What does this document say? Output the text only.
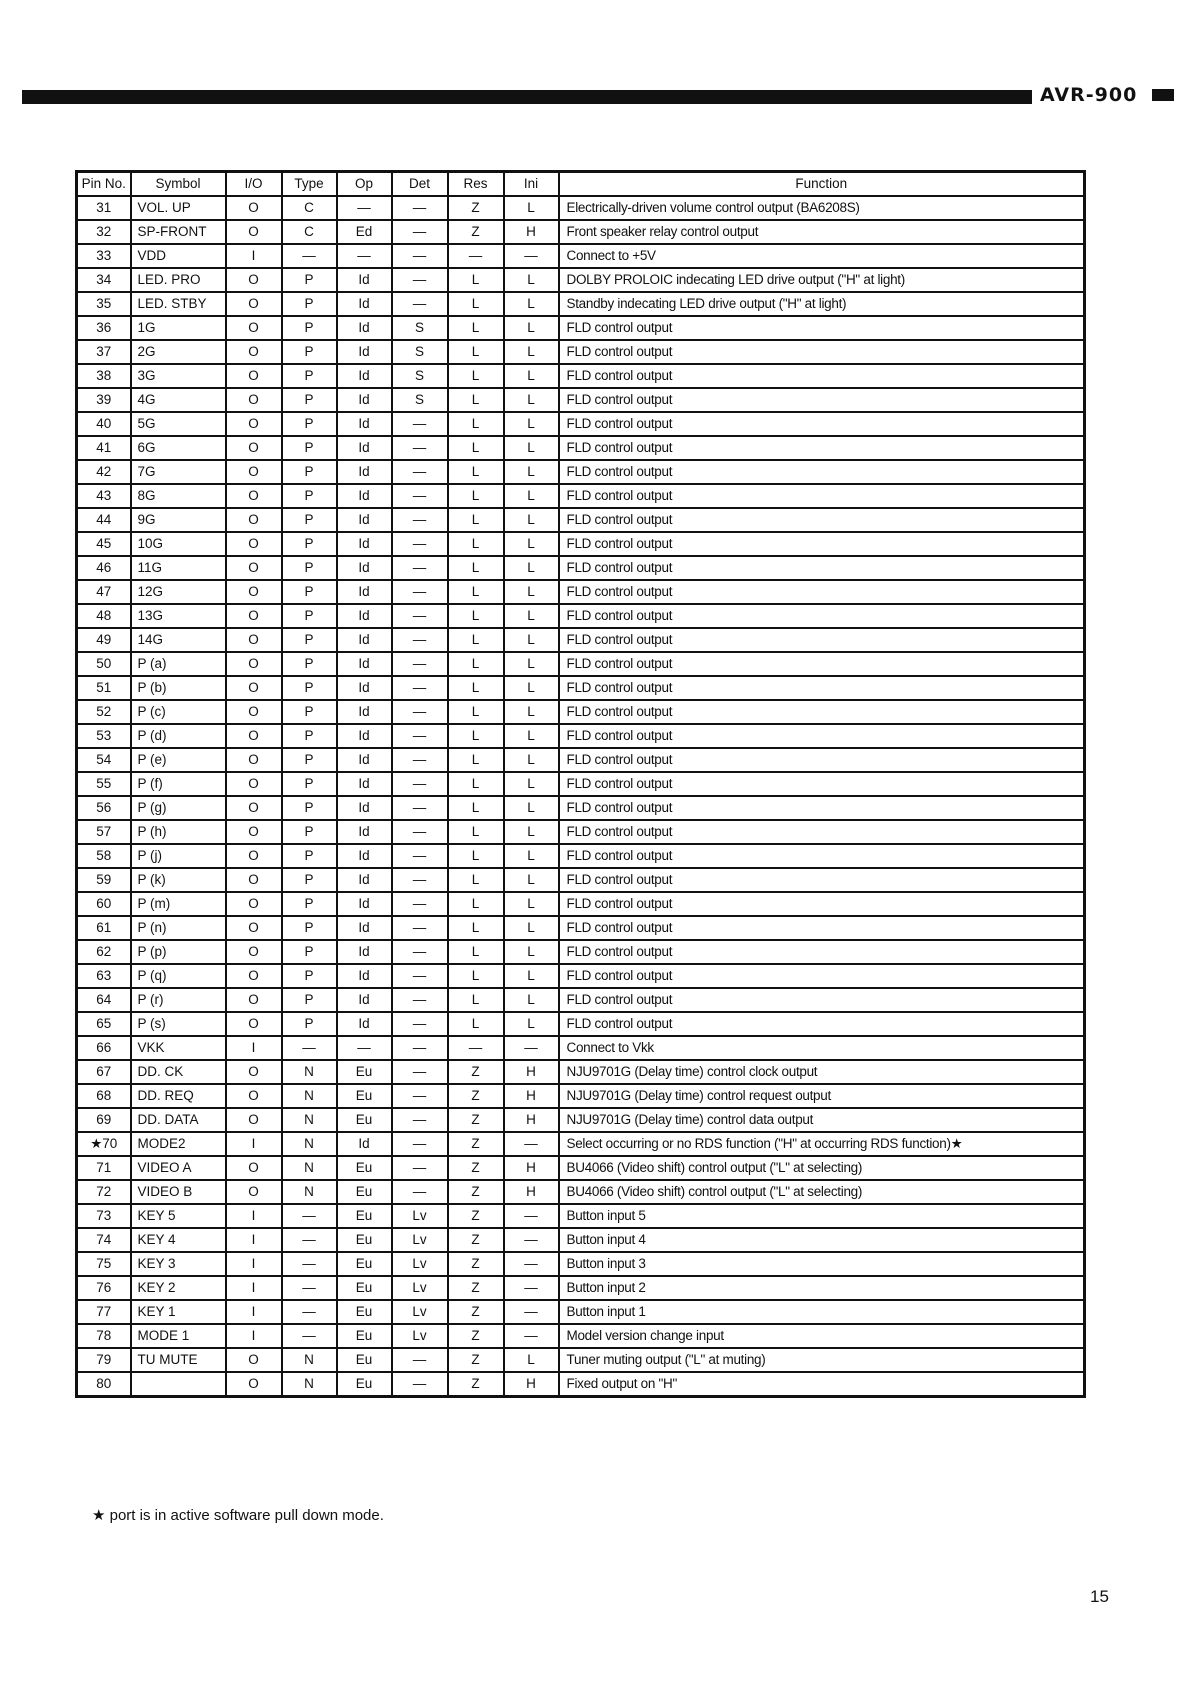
AVR-900
Pin No.	Symbol	I/O	Type	Op	Det	Res	Ini	Function
31	VOL. UP	O	C	—	—	Z	L	Electrically-driven volume control output (BA6208S)
32	SP-FRONT	O	C	Ed	—	Z	H	Front speaker relay control output
33	VDD	I	—	—	—	—	—	Connect to +5V
34	LED. PRO	O	P	Id	—	L	L	DOLBY PROLOIC indecating LED drive output ("H" at light)
35	LED. STBY	O	P	Id	—	L	L	Standby indecating LED drive output ("H" at light)
36	1G	O	P	Id	S	L	L	FLD control output
37	2G	O	P	Id	S	L	L	FLD control output
38	3G	O	P	Id	S	L	L	FLD control output
39	4G	O	P	Id	S	L	L	FLD control output
40	5G	O	P	Id	—	L	L	FLD control output
41	6G	O	P	Id	—	L	L	FLD control output
42	7G	O	P	Id	—	L	L	FLD control output
43	8G	O	P	Id	—	L	L	FLD control output
44	9G	O	P	Id	—	L	L	FLD control output
45	10G	O	P	Id	—	L	L	FLD control output
46	11G	O	P	Id	—	L	L	FLD control output
47	12G	O	P	Id	—	L	L	FLD control output
48	13G	O	P	Id	—	L	L	FLD control output
49	14G	O	P	Id	—	L	L	FLD control output
50	P (a)	O	P	Id	—	L	L	FLD control output
51	P (b)	O	P	Id	—	L	L	FLD control output
52	P (c)	O	P	Id	—	L	L	FLD control output
53	P (d)	O	P	Id	—	L	L	FLD control output
54	P (e)	O	P	Id	—	L	L	FLD control output
55	P (f)	O	P	Id	—	L	L	FLD control output
56	P (g)	O	P	Id	—	L	L	FLD control output
57	P (h)	O	P	Id	—	L	L	FLD control output
58	P (j)	O	P	Id	—	L	L	FLD control output
59	P (k)	O	P	Id	—	L	L	FLD control output
60	P (m)	O	P	Id	—	L	L	FLD control output
61	P (n)	O	P	Id	—	L	L	FLD control output
62	P (p)	O	P	Id	—	L	L	FLD control output
63	P (q)	O	P	Id	—	L	L	FLD control output
64	P (r)	O	P	Id	—	L	L	FLD control output
65	P (s)	O	P	Id	—	L	L	FLD control output
66	VKK	I	—	—	—	—	—	Connect to Vkk
67	DD. CK	O	N	Eu	—	Z	H	NJU9701G (Delay time) control clock output
68	DD. REQ	O	N	Eu	—	Z	H	NJU9701G (Delay time) control request output
69	DD. DATA	O	N	Eu	—	Z	H	NJU9701G (Delay time) control data output
★70	MODE2	I	N	Id	—	Z	—	Select occurring or no RDS function ("H" at occurring RDS function)★
71	VIDEO A	O	N	Eu	—	Z	H	BU4066 (Video shift) control output ("L" at selecting)
72	VIDEO B	O	N	Eu	—	Z	H	BU4066 (Video shift) control output ("L" at selecting)
73	KEY 5	I	—	Eu	Lv	Z	—	Button input 5
74	KEY 4	I	—	Eu	Lv	Z	—	Button input 4
75	KEY 3	I	—	Eu	Lv	Z	—	Button input 3
76	KEY 2	I	—	Eu	Lv	Z	—	Button input 2
77	KEY 1	I	—	Eu	Lv	Z	—	Button input 1
78	MODE 1	I	—	Eu	Lv	Z	—	Model version change input
79	TU MUTE	O	N	Eu	—	Z	L	Tuner muting output ("L" at muting)
80		O	N	Eu	—	Z	H	Fixed output on "H"
★ port is in active software pull down mode.
15
